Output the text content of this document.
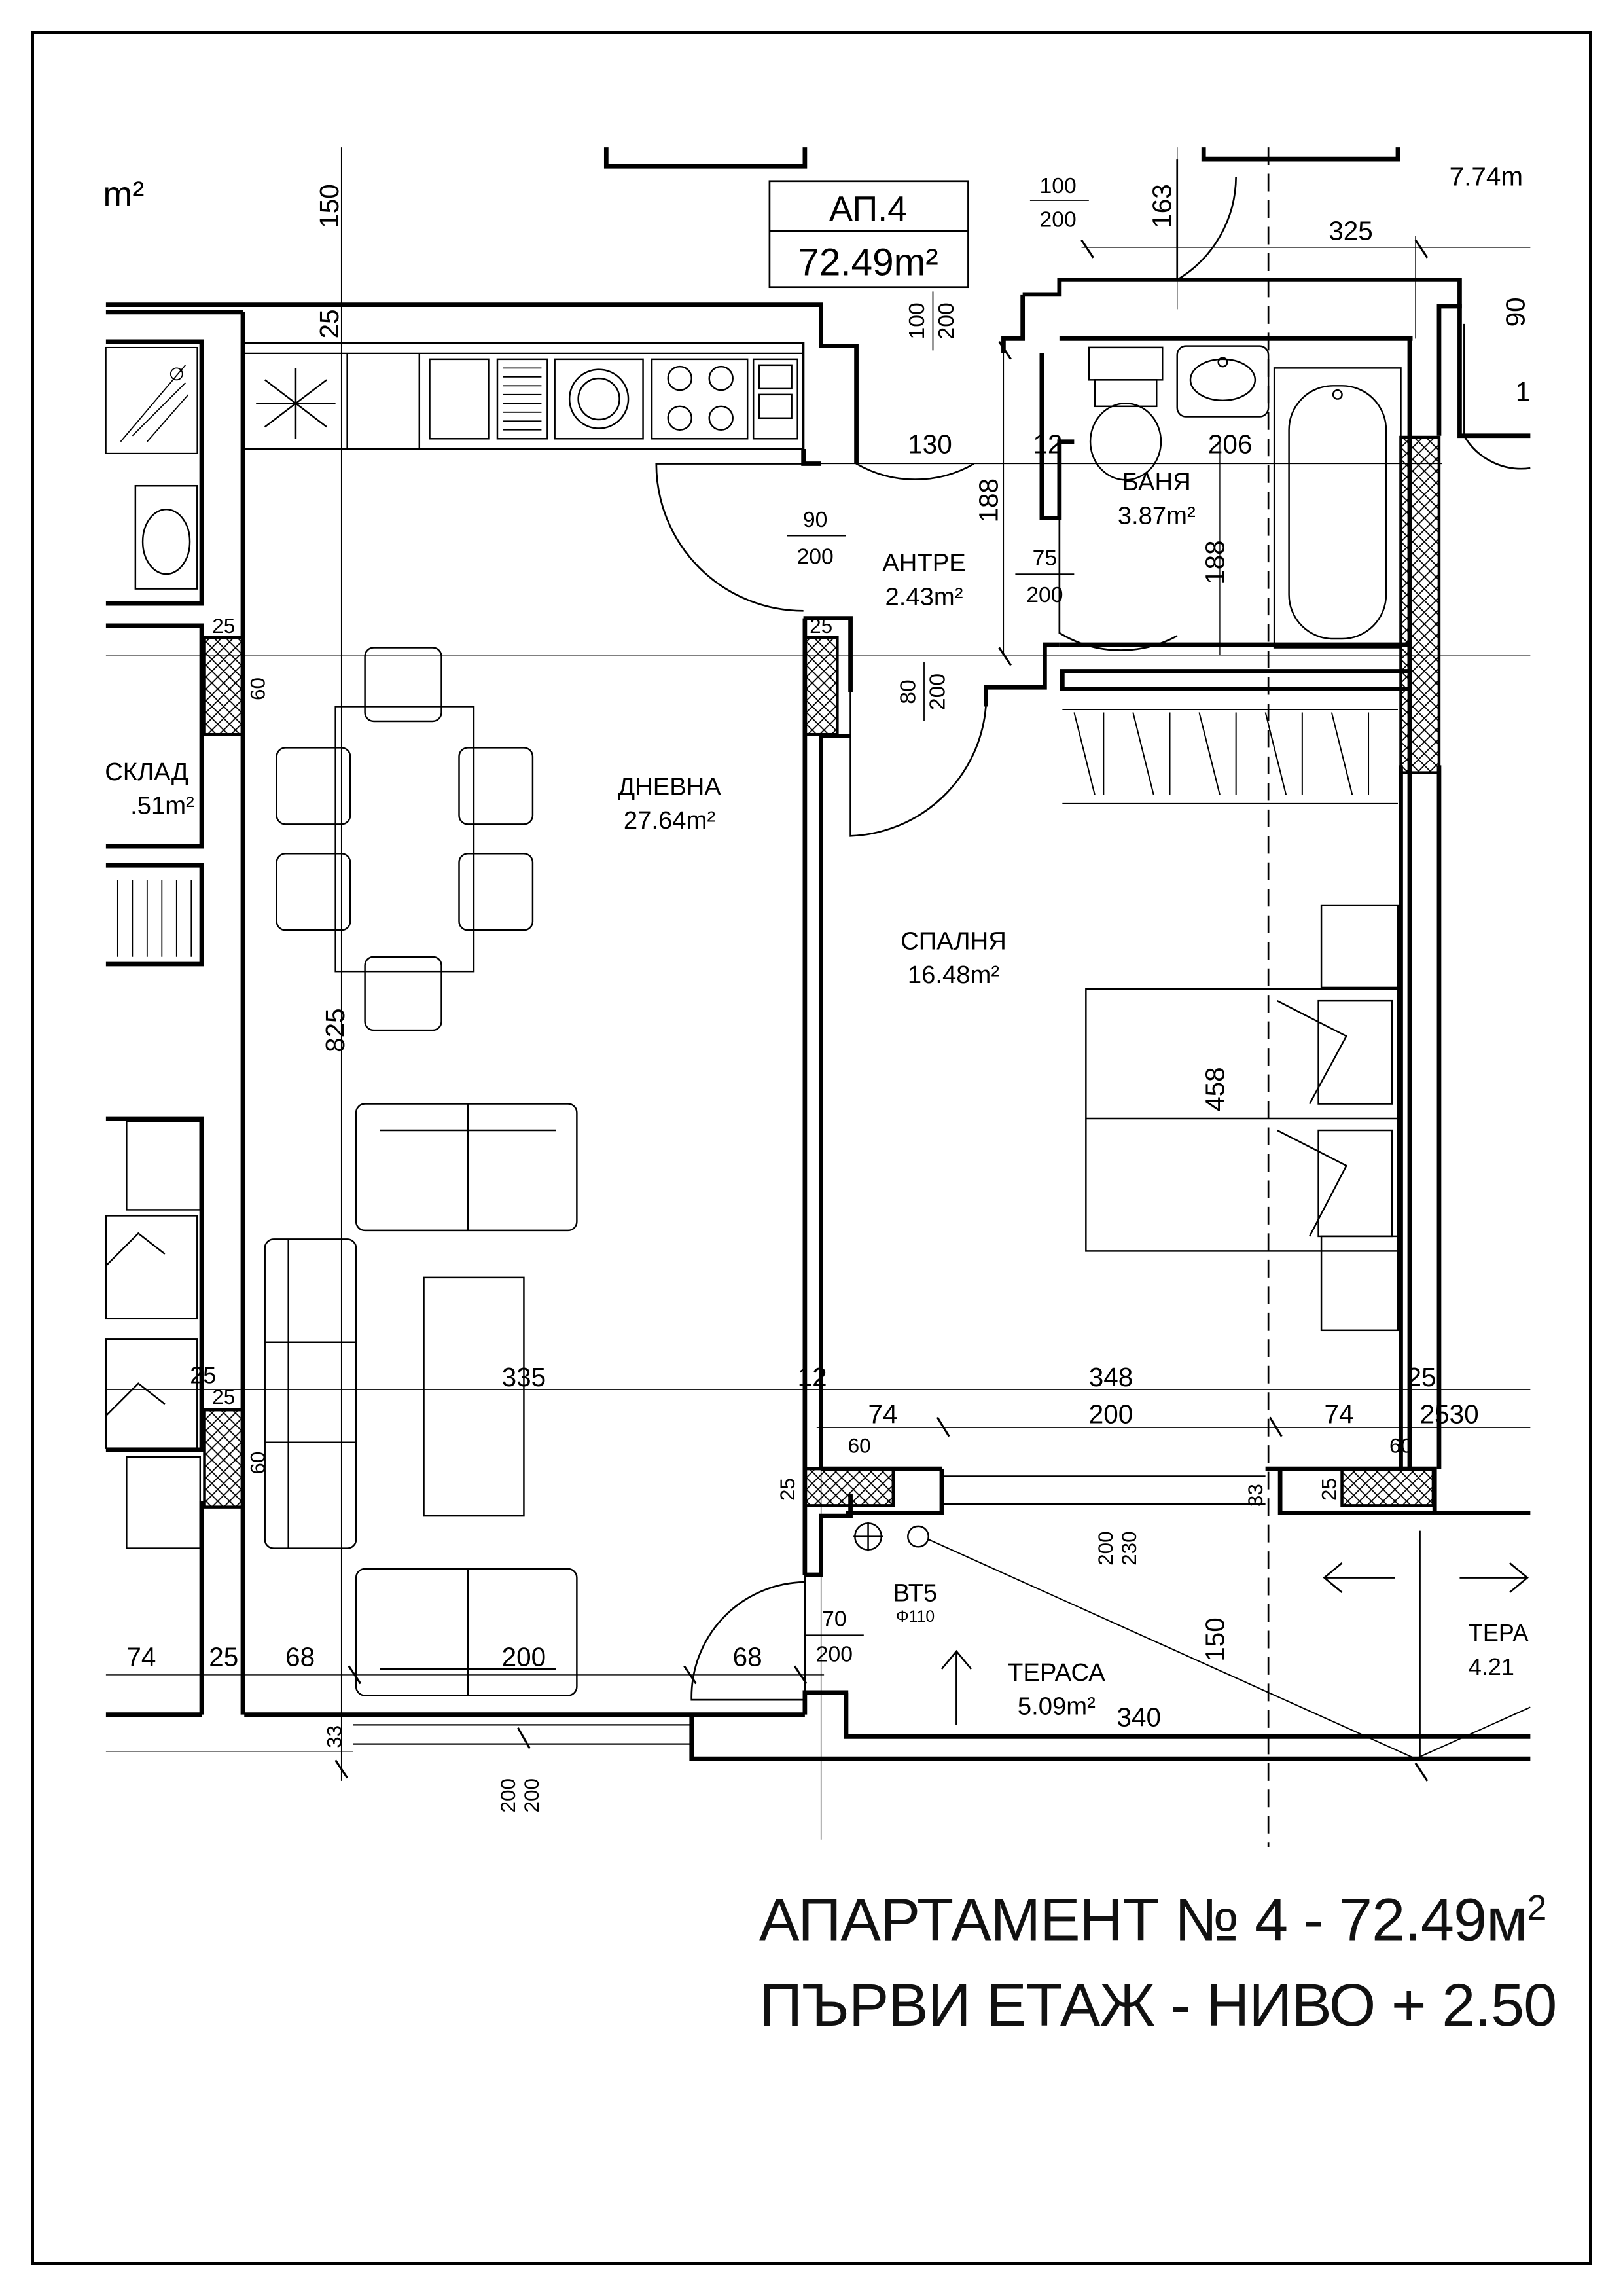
АП.4
72.49m²
ДНЕВНА
27.64m²
СПАЛНЯ
16.48m²
АНТРЕ
2.43m²
БАНЯ
3.87m²
ТЕРАСА
5.09m²
СКЛАД
.51m²
ТЕРА
4.21
m²	7.74m
100
200
100 200
90
200	75
200
80 200
70
200
150
25
163
325
90
1
130	12	206
188
188
25
60
25
825
458
25
25
335	12	348	25
74	200	74	2530
60	60
60
25	33	25
200 230
150
74	25	68	200	68
340
33
200 200
ВТ5
Φ110
АПАРТАМЕНТ № $4 - 72.49м^2$
ПЪРВИ ЕТАЖ - НИВО + 2.50
